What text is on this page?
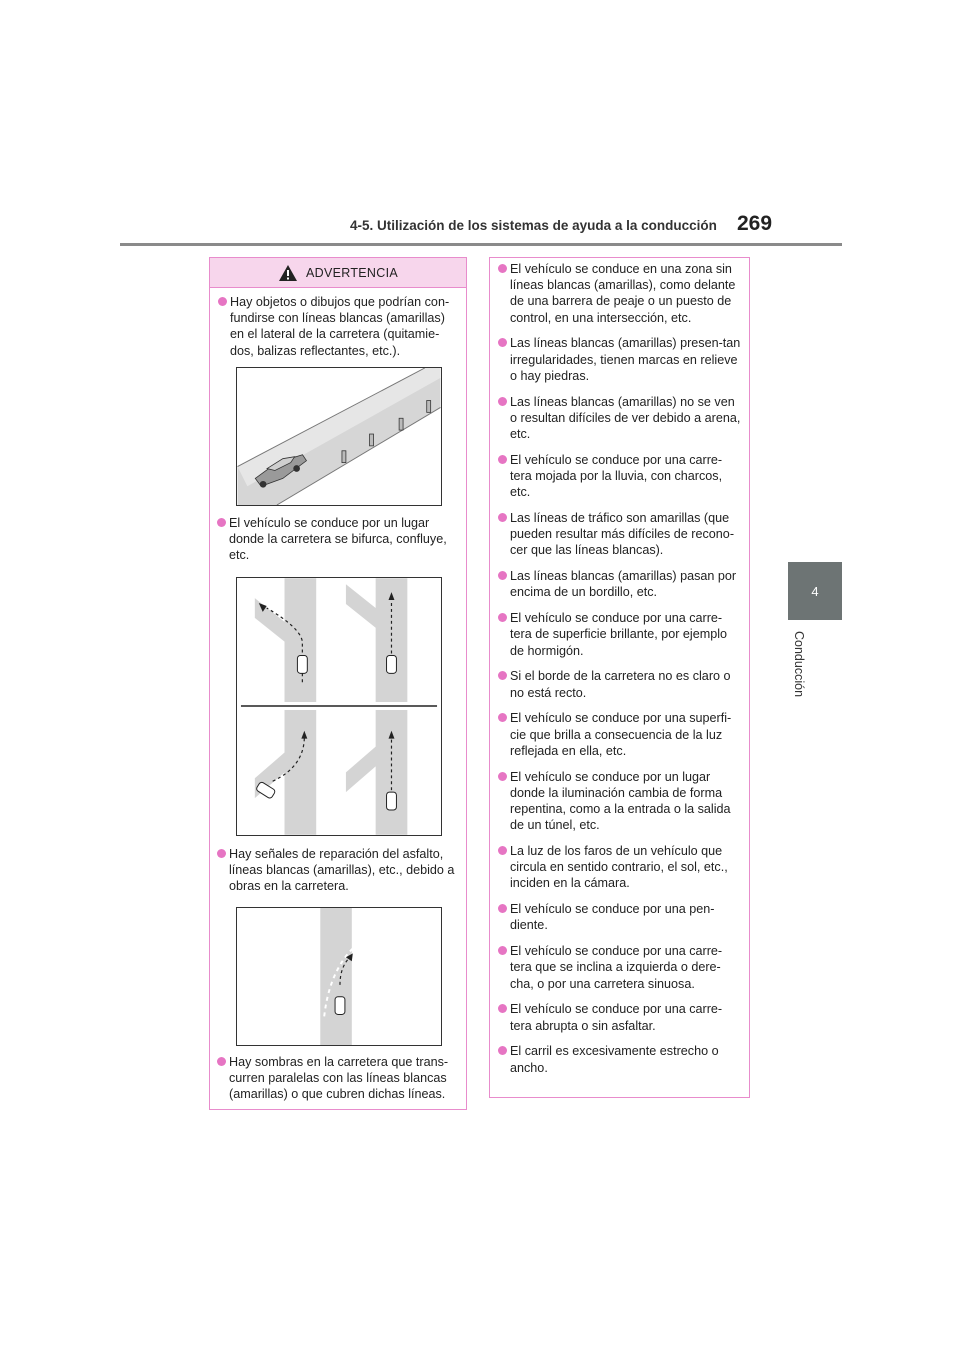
4-5. Utilización de los sistemas de ayuda a la conducción 269
4
Conducción
ADVERTENCIA
Hay objetos o dibujos que podrían con-fundirse con líneas blancas (amarillas) en el lateral de la carretera (quitamie-dos, balizas reflectantes, etc.).
El vehículo se conduce por un lugar donde la carretera se bifurca, confluye, etc.
Hay señales de reparación del asfalto, líneas blancas (amarillas), etc., debido a obras en la carretera.
Hay sombras en la carretera que trans-curren paralelas con las líneas blancas (amarillas) o que cubren dichas líneas.
El vehículo se conduce en una zona sin líneas blancas (amarillas), como delante de una barrera de peaje o un puesto de control, en una intersección, etc.
Las líneas blancas (amarillas) presen-tan irregularidades, tienen marcas en relieve o hay piedras.
Las líneas blancas (amarillas) no se ven o resultan difíciles de ver debido a arena, etc.
El vehículo se conduce por una carre-tera mojada por la lluvia, con charcos, etc.
Las líneas de tráfico son amarillas (que pueden resultar más difíciles de recono-cer que las líneas blancas).
Las líneas blancas (amarillas) pasan por encima de un bordillo, etc.
El vehículo se conduce por una carre-tera de superficie brillante, por ejemplo de hormigón.
Si el borde de la carretera no es claro o no está recto.
El vehículo se conduce por una superfi-cie que brilla a consecuencia de la luz reflejada en ella, etc.
El vehículo se conduce por un lugar donde la iluminación cambia de forma repentina, como a la entrada o la salida de un túnel, etc.
La luz de los faros de un vehículo que circula en sentido contrario, el sol, etc., inciden en la cámara.
El vehículo se conduce por una pen-diente.
El vehículo se conduce por una carre-tera que se inclina a izquierda o dere-cha, o por una carretera sinuosa.
El vehículo se conduce por una carre-tera abrupta o sin asfaltar.
El carril es excesivamente estrecho o ancho.
